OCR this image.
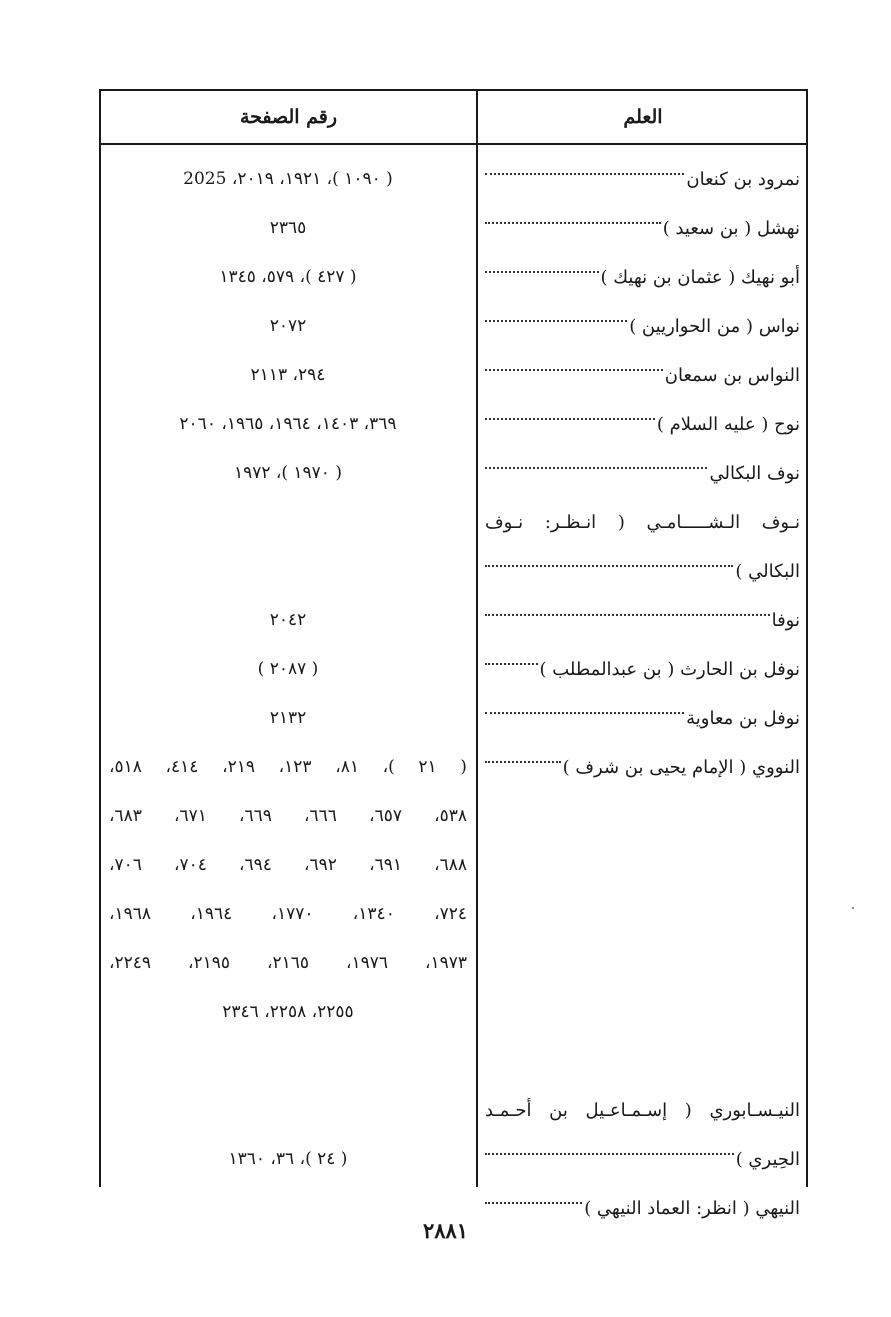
العلم
رقم الصفحة
نمرود بن كنعان
( ١٠٩٠ )، ١٩٢١، ٢٠١٩، 2025
نهشل ( بن سعيد )
٢٣٦٥
أبو نهيك ( عثمان بن نهيك )
( ٤٢٧ )، ٥٧٩، ١٣٤٥
نواس ( من الحواريين )
٢٠٧٢
النواس بن سمعان
٢٩٤، ٢١١٣
نوح ( عليه السلام )
٣٦٩، ١٤٠٣، ١٩٦٤، ١٩٦٥، ٢٠٦٠
نوف البكالي
( ١٩٧٠ )، ١٩٧٢
نـوف الـشـــــامـي ( انـظـر: نـوف
البكالي )
نوفا
٢٠٤٢
نوفل بن الحارث ( بن عبدالمطلب )
( ٢٠٨٧ )
نوفل بن معاوية
٢١٣٢
النووي ( الإمام يحيى بن شرف )
( ٢١ )، ٨١، ١٢٣، ٢١٩، ٤١٤، ٥١٨،
٥٣٨، ٦٥٧، ٦٦٦، ٦٦٩، ٦٧١، ٦٨٣،
٦٨٨، ٦٩١، ٦٩٢، ٦٩٤، ٧٠٤، ٧٠٦،
٧٢٤، ١٣٤٠، ١٧٧٠، ١٩٦٤، ١٩٦٨،
١٩٧٣، ١٩٧٦، ٢١٦٥، ٢١٩٥، ٢٢٤٩،
٢٢٥٥، ٢٢٥٨، ٢٣٤٦
النيـسـابوري ( إسـمـاعـيل بن أحـمـد
الحِيري )
( ٢٤ )، ٣٦، ١٣٦٠
النيهي ( انظر: العماد النيهي )
٢٨٨١
